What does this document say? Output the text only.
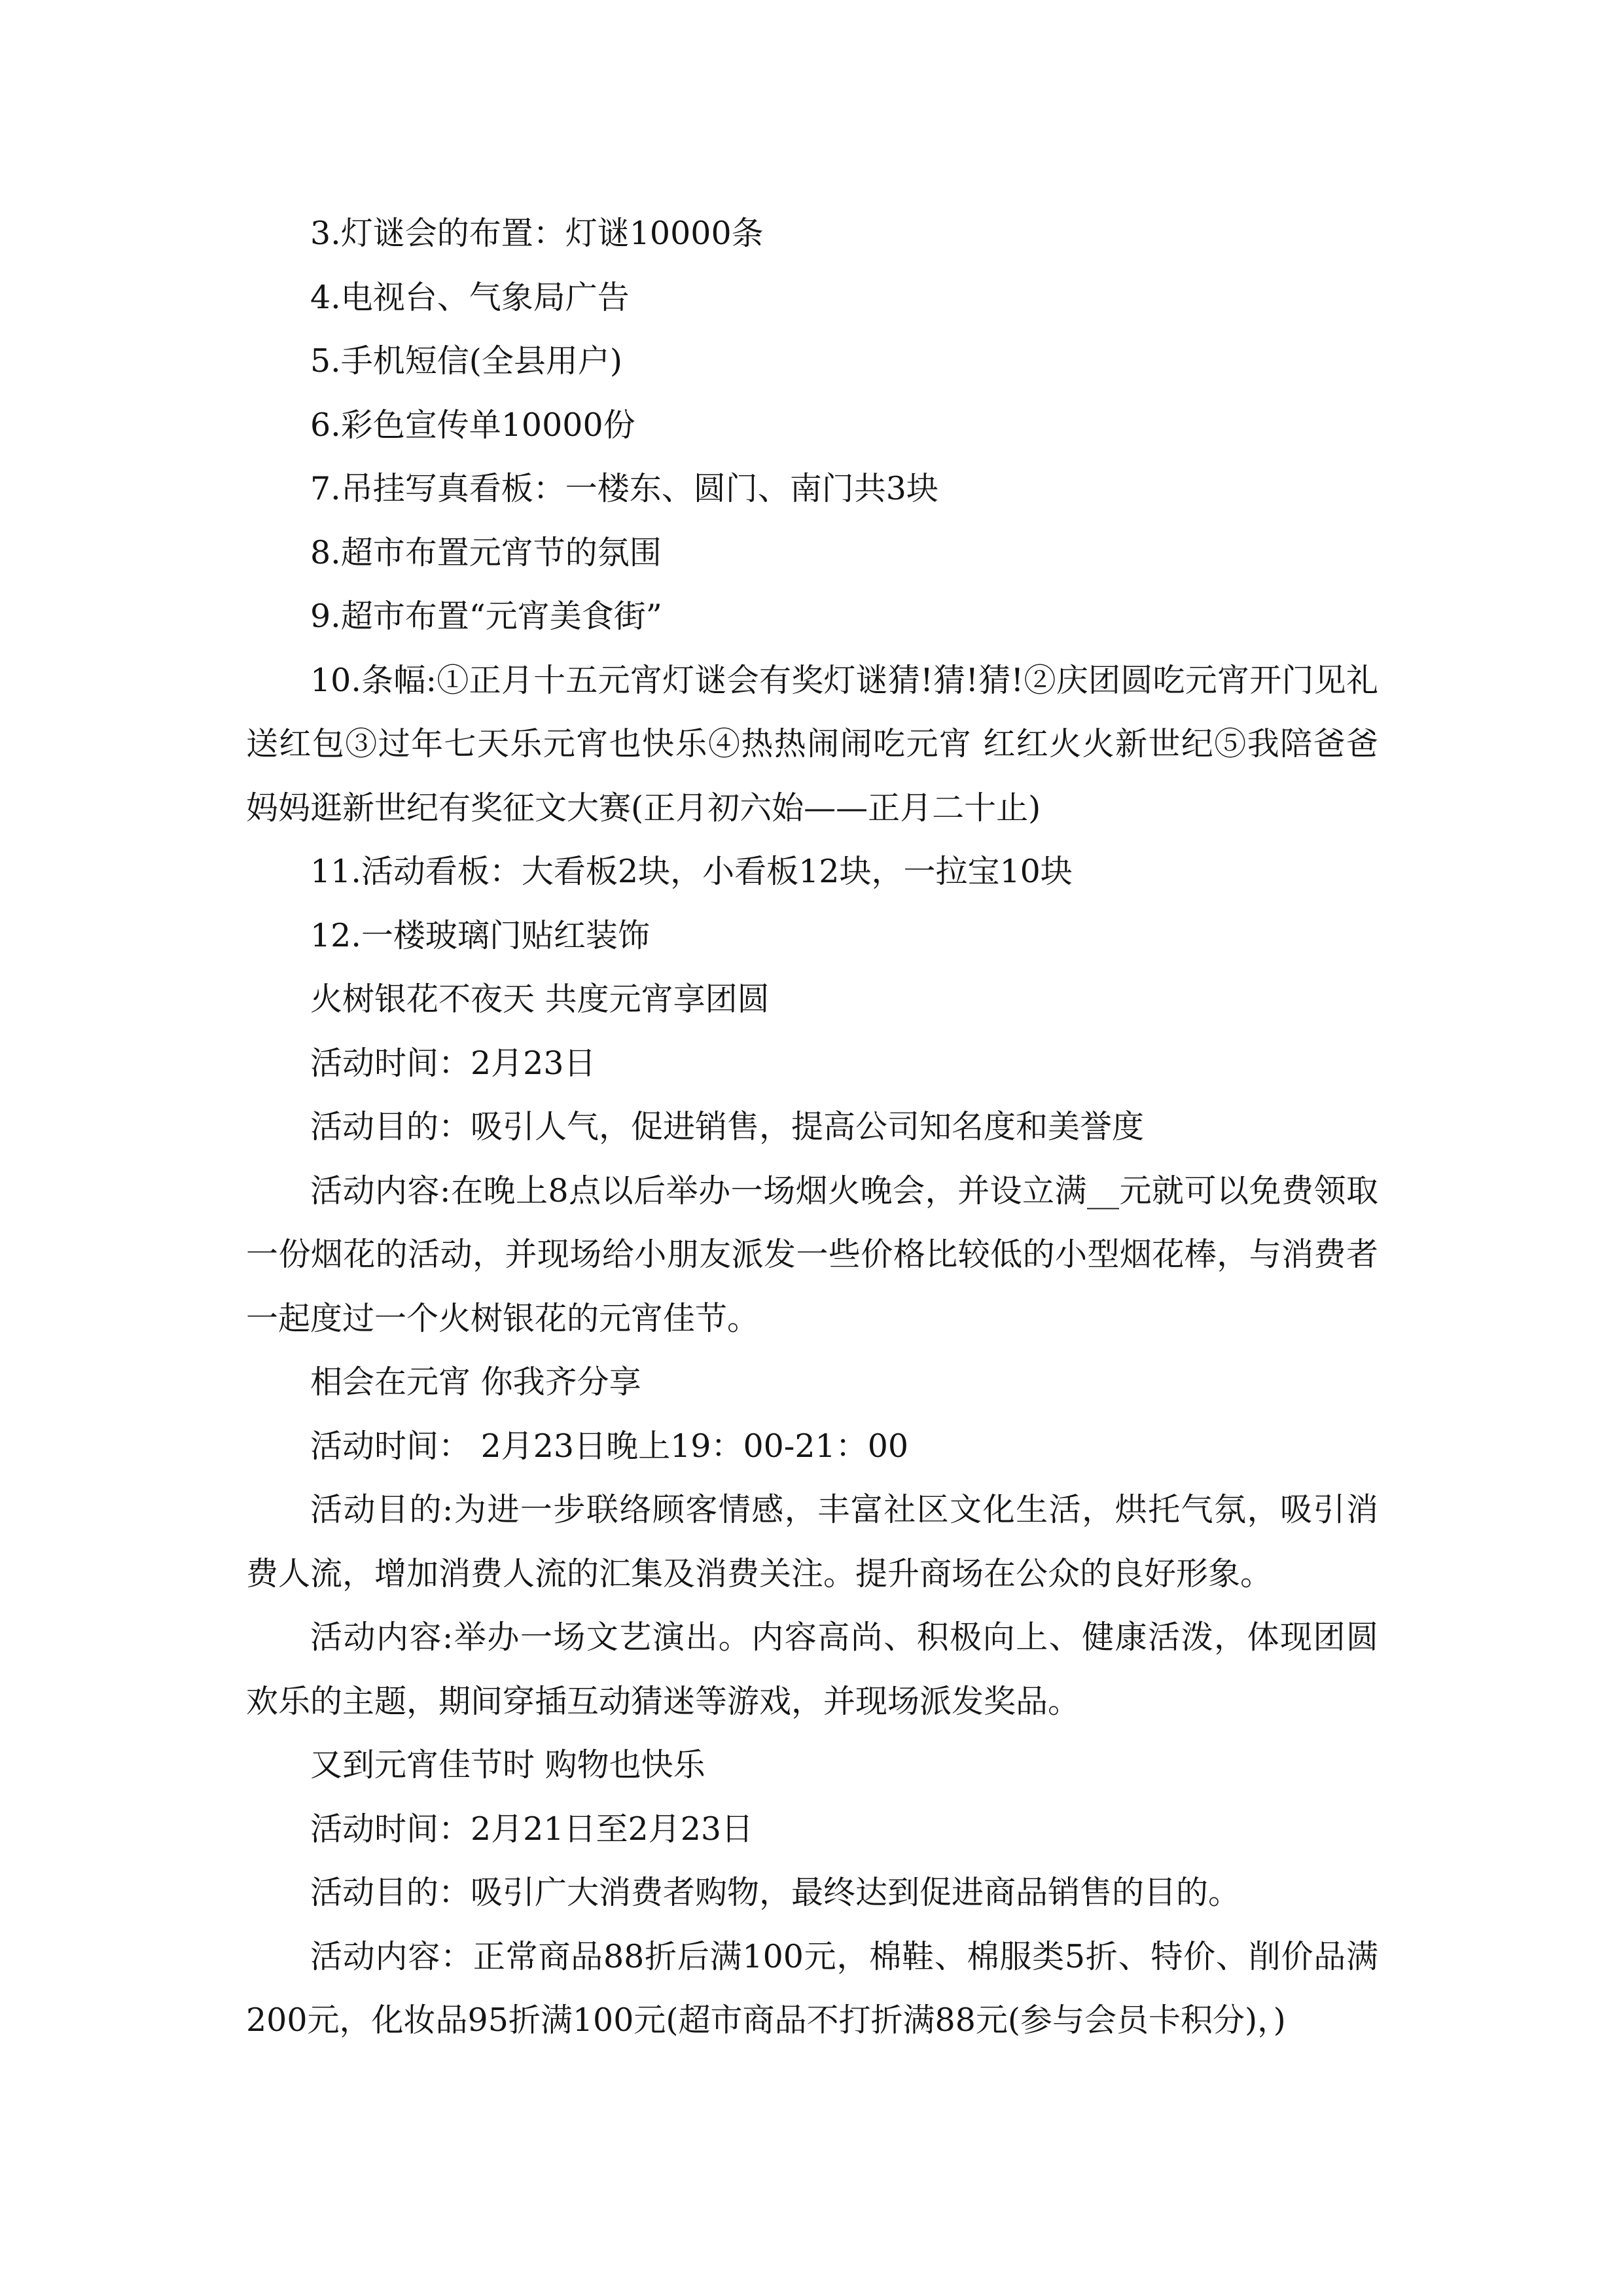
3.灯谜会的布置：灯谜10000条

4.电视台、气象局广告

5.手机短信(全县用户)

6.彩色宣传单10000份

7.吊挂写真看板：一楼东、圆门、南门共3块

8.超市布置元宵节的氛围

9.超市布置“元宵美食街”

10.条幅:①正月十五元宵灯谜会有奖灯谜猜!猜!猜!②庆团圆吃元宵开门见礼送红包③过年七天乐元宵也快乐④热热闹闹吃元宵 红红火火新世纪⑤我陪爸爸妈妈逛新世纪有奖征文大赛(正月初六始——正月二十止)

11.活动看板：大看板2块，小看板12块，一拉宝10块

12.一楼玻璃门贴红装饰

火树银花不夜天 共度元宵享团圆

活动时间：2月23日

活动目的：吸引人气，促进销售，提高公司知名度和美誉度

活动内容:在晚上8点以后举办一场烟火晚会，并设立满__元就可以免费领取一份烟花的活动，并现场给小朋友派发一些价格比较低的小型烟花棒，与消费者一起度过一个火树银花的元宵佳节。

相会在元宵 你我齐分享

活动时间： 2月23日晚上19：00-21：00

活动目的:为进一步联络顾客情感，丰富社区文化生活，烘托气氛，吸引消费人流，增加消费人流的汇集及消费关注。提升商场在公众的良好形象。

活动内容:举办一场文艺演出。内容高尚、积极向上、健康活泼，体现团圆欢乐的主题，期间穿插互动猜迷等游戏，并现场派发奖品。

又到元宵佳节时 购物也快乐

活动时间：2月21日至2月23日

活动目的：吸引广大消费者购物，最终达到促进商品销售的目的。

活动内容：正常商品88折后满100元，棉鞋、棉服类5折、特价、削价品满200元，化妆品95折满100元(超市商品不打折满88元(参与会员卡积分)，)
